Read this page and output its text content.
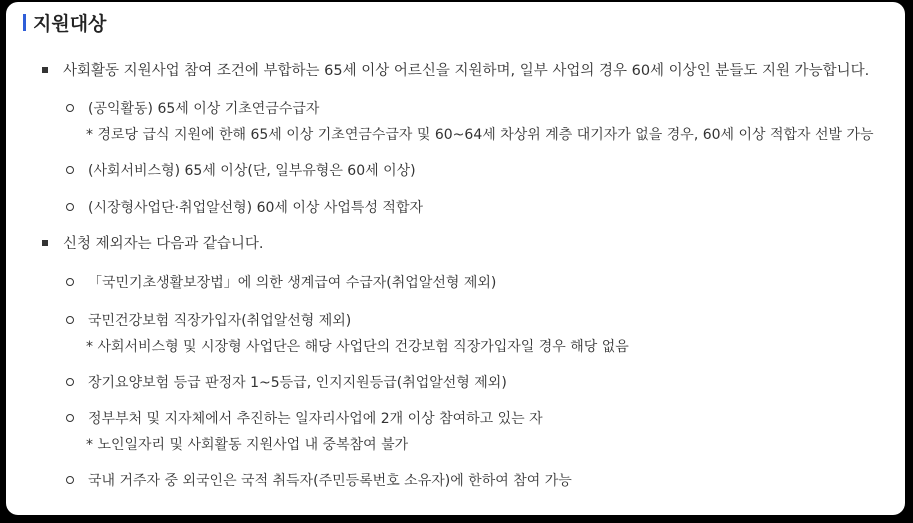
지원대상
사회활동 지원사업 참여 조건에 부합하는 65세 이상 어르신을 지원하며, 일부 사업의 경우 60세 이상인 분들도 지원 가능합니다.
(공익활동) 65세 이상 기초연금수급자
* 경로당 급식 지원에 한해 65세 이상 기초연금수급자 및 60~64세 차상위 계층 대기자가 없을 경우, 60세 이상 적합자 선발 가능
(사회서비스형) 65세 이상(단, 일부유형은 60세 이상)
(시장형사업단·취업알선형) 60세 이상 사업특성 적합자
신청 제외자는 다음과 같습니다.
「국민기초생활보장법」에 의한 생계급여 수급자(취업알선형 제외)
국민건강보험 직장가입자(취업알선형 제외)
* 사회서비스형 및 시장형 사업단은 해당 사업단의 건강보험 직장가입자일 경우 해당 없음
장기요양보험 등급 판정자 1~5등급, 인지지원등급(취업알선형 제외)
정부부처 및 지자체에서 추진하는 일자리사업에 2개 이상 참여하고 있는 자
* 노인일자리 및 사회활동 지원사업 내 중복참여 불가
국내 거주자 중 외국인은 국적 취득자(주민등록번호 소유자)에 한하여 참여 가능
